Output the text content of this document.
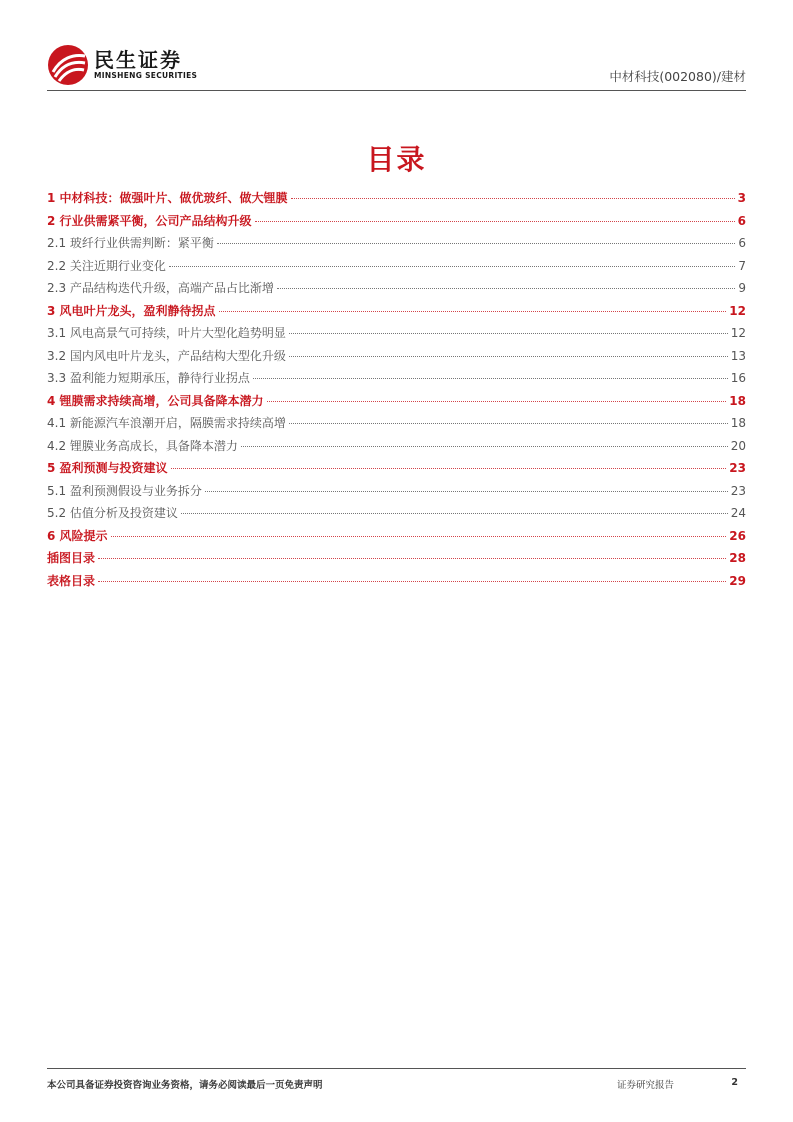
民生证券
MINSHENG SECURITIES	中材科技(002080)/建材
目录
1 中材科技：做强叶片、做优玻纤、做大锂膜	3
2 行业供需紧平衡，公司产品结构升级	6
2.1 玻纤行业供需判断：紧平衡	6
2.2 关注近期行业变化	7
2.3 产品结构迭代升级，高端产品占比渐增	9
3 风电叶片龙头，盈利静待拐点	12
3.1 风电高景气可持续，叶片大型化趋势明显	12
3.2 国内风电叶片龙头，产品结构大型化升级	13
3.3 盈利能力短期承压，静待行业拐点	16
4 锂膜需求持续高增，公司具备降本潜力	18
4.1 新能源汽车浪潮开启，隔膜需求持续高增	18
4.2 锂膜业务高成长，具备降本潜力	20
5 盈利预测与投资建议	23
5.1 盈利预测假设与业务拆分	23
5.2 估值分析及投资建议	24
6 风险提示	26
插图目录	28
表格目录	29
本公司具备证券投资咨询业务资格，请务必阅读最后一页免责声明	证券研究报告	2
